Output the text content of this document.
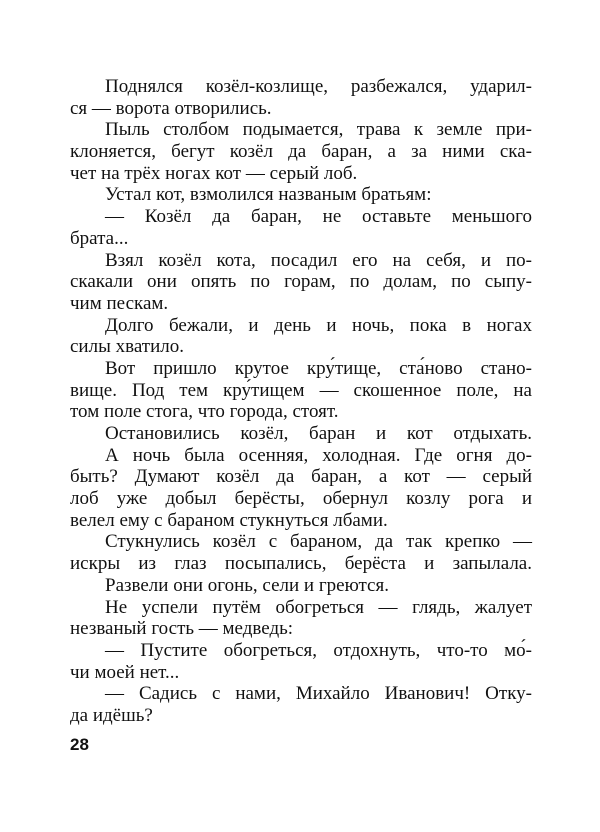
Поднялся козёл-козлище, разбежался, ударил-
ся — ворота отворились.
Пыль столбом подымается, трава к земле при-
клоняется, бегут козёл да баран, а за ними ска-
чет на трёх ногах кот — серый лоб.
Устал кот, взмолился названым братьям:
— Козёл да баран, не оставьте меньшого
брата...
Взял козёл кота, посадил его на себя, и по-
скакали они опять по горам, по долам, по сыпу-
чим пескам.
Долго бежали, и день и ночь, пока в ногах
силы хватило.
Вот пришло крутое кру́тище, ста́ново стано-
вище. Под тем кру́тищем — скошенное поле, на
том поле стога, что города, стоят.
Остановились козёл, баран и кот отдыхать.
А ночь была осенняя, холодная. Где огня до-
быть? Думают козёл да баран, а кот — серый
лоб уже добыл берёсты, обернул козлу рога и
велел ему с бараном стукнуться лбами.
Стукнулись козёл с бараном, да так крепко —
искры из глаз посыпались, берёста и запылала.
Развели они огонь, сели и греются.
Не успели путём обогреться — глядь, жалует
незваный гость — медведь:
— Пустите обогреться, отдохнуть, что-то мо́-
чи моей нет...
— Садись с нами, Михайло Иванович! Отку-
да идёшь?
28
